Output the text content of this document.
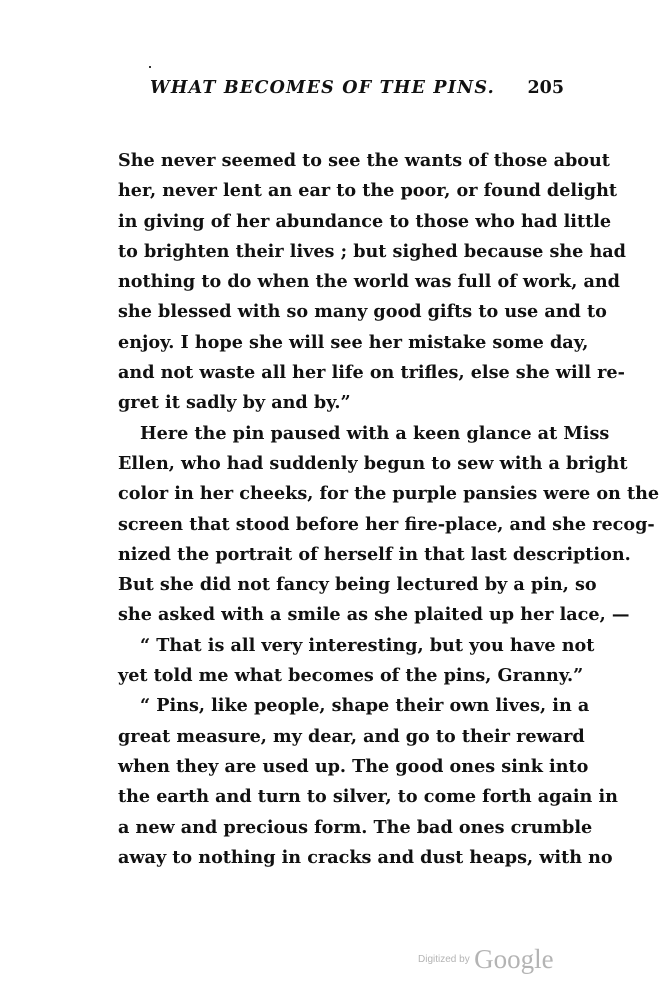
WHAT BECOMES OF THE PINS. 205
She never seemed to see the wants of those about
her, never lent an ear to the poor, or found delight
in giving of her abundance to those who had little
to brighten their lives ; but sighed because she had
nothing to do when the world was full of work, and
she blessed with so many good gifts to use and to
enjoy. I hope she will see her mistake some day,
and not waste all her life on trifles, else she will re-
gret it sadly by and by.”
Here the pin paused with a keen glance at Miss
Ellen, who had suddenly begun to sew with a bright
color in her cheeks, for the purple pansies were on the
screen that stood before her fire-place, and she recog-
nized the portrait of herself in that last description.
But she did not fancy being lectured by a pin, so
she asked with a smile as she plaited up her lace, —
“ That is all very interesting, but you have not
yet told me what becomes of the pins, Granny.”
“ Pins, like people, shape their own lives, in a
great measure, my dear, and go to their reward
when they are used up. The good ones sink into
the earth and turn to silver, to come forth again in
a new and precious form. The bad ones crumble
away to nothing in cracks and dust heaps, with no
Digitized by Google
